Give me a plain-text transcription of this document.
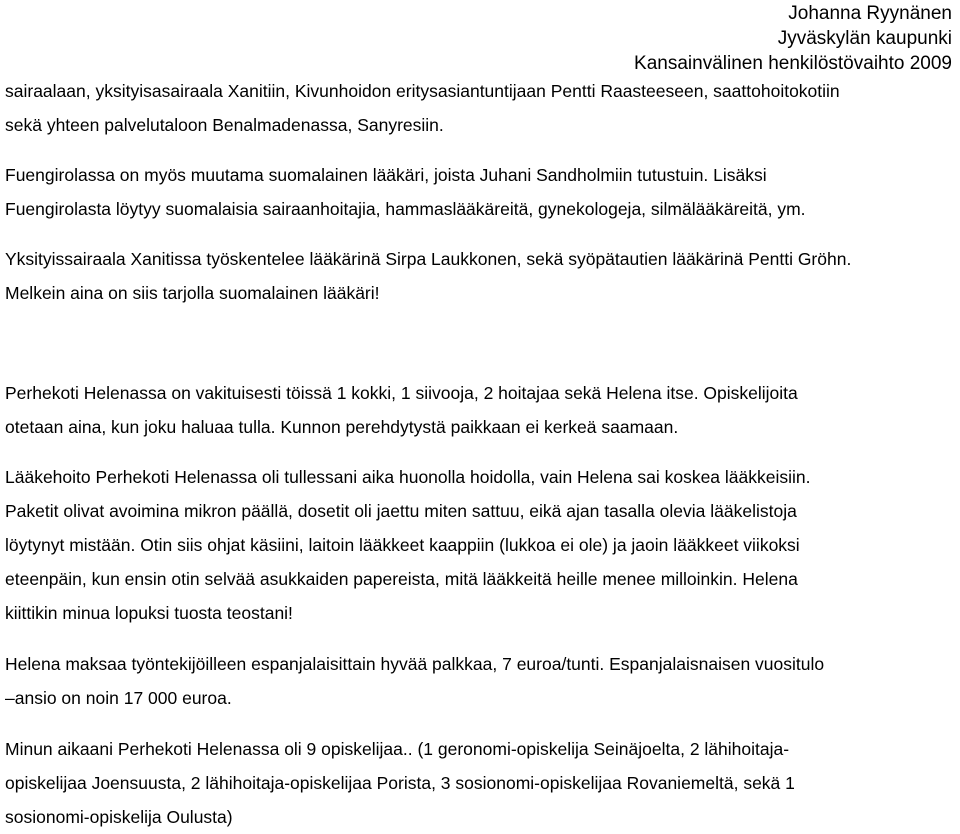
Johanna Ryynänen
Jyväskylän kaupunki
Kansainvälinen henkilöstövaihto 2009

sairaalaan, yksityisasairaala Xanitiin, Kivunhoidon eritysasiantuntijaan Pentti Raasteeseen, saattohoitokotiin

sekä yhteen palvelutaloon Benalmadenassa, Sanyresiin.

Fuengirolassa on myös muutama suomalainen lääkäri, joista Juhani Sandholmiin tutustuin. Lisäksi

Fuengirolasta löytyy suomalaisia sairaanhoitajia, hammaslääkäreitä, gynekologeja, silmälääkäreitä, ym.

Yksityissairaala Xanitissa työskentelee lääkärinä Sirpa Laukkonen, sekä syöpätautien lääkärinä Pentti Gröhn.

Melkein aina on siis tarjolla suomalainen lääkäri!

Perhekoti Helenassa on vakituisesti töissä 1 kokki, 1 siivooja, 2 hoitajaa sekä Helena itse. Opiskelijoita

otetaan aina, kun joku haluaa tulla. Kunnon perehdytystä paikkaan ei kerkeä saamaan.

Lääkehoito Perhekoti Helenassa oli tullessani aika huonolla hoidolla, vain Helena sai koskea lääkkeisiin.

Paketit olivat avoimina mikron päällä, dosetit oli jaettu miten sattuu, eikä ajan tasalla olevia lääkelistoja

löytynyt mistään. Otin siis ohjat käsiini, laitoin lääkkeet kaappiin (lukkoa ei ole) ja jaoin lääkkeet viikoksi

eteenpäin, kun ensin otin selvää asukkaiden papereista, mitä lääkkeitä heille menee milloinkin. Helena

kiittikin minua lopuksi tuosta teostani!

Helena maksaa työntekijöilleen espanjalaisittain hyvää palkkaa, 7 euroa/tunti. Espanjalaisnaisen vuositulo

–ansio on noin 17 000 euroa.

Minun aikaani Perhekoti Helenassa oli 9 opiskelijaa.. (1 geronomi-opiskelija Seinäjoelta, 2 lähihoitaja-

opiskelijaa Joensuusta, 2 lähihoitaja-opiskelijaa Porista, 3 sosionomi-opiskelijaa Rovaniemeltä, sekä 1

sosionomi-opiskelija Oulusta)
